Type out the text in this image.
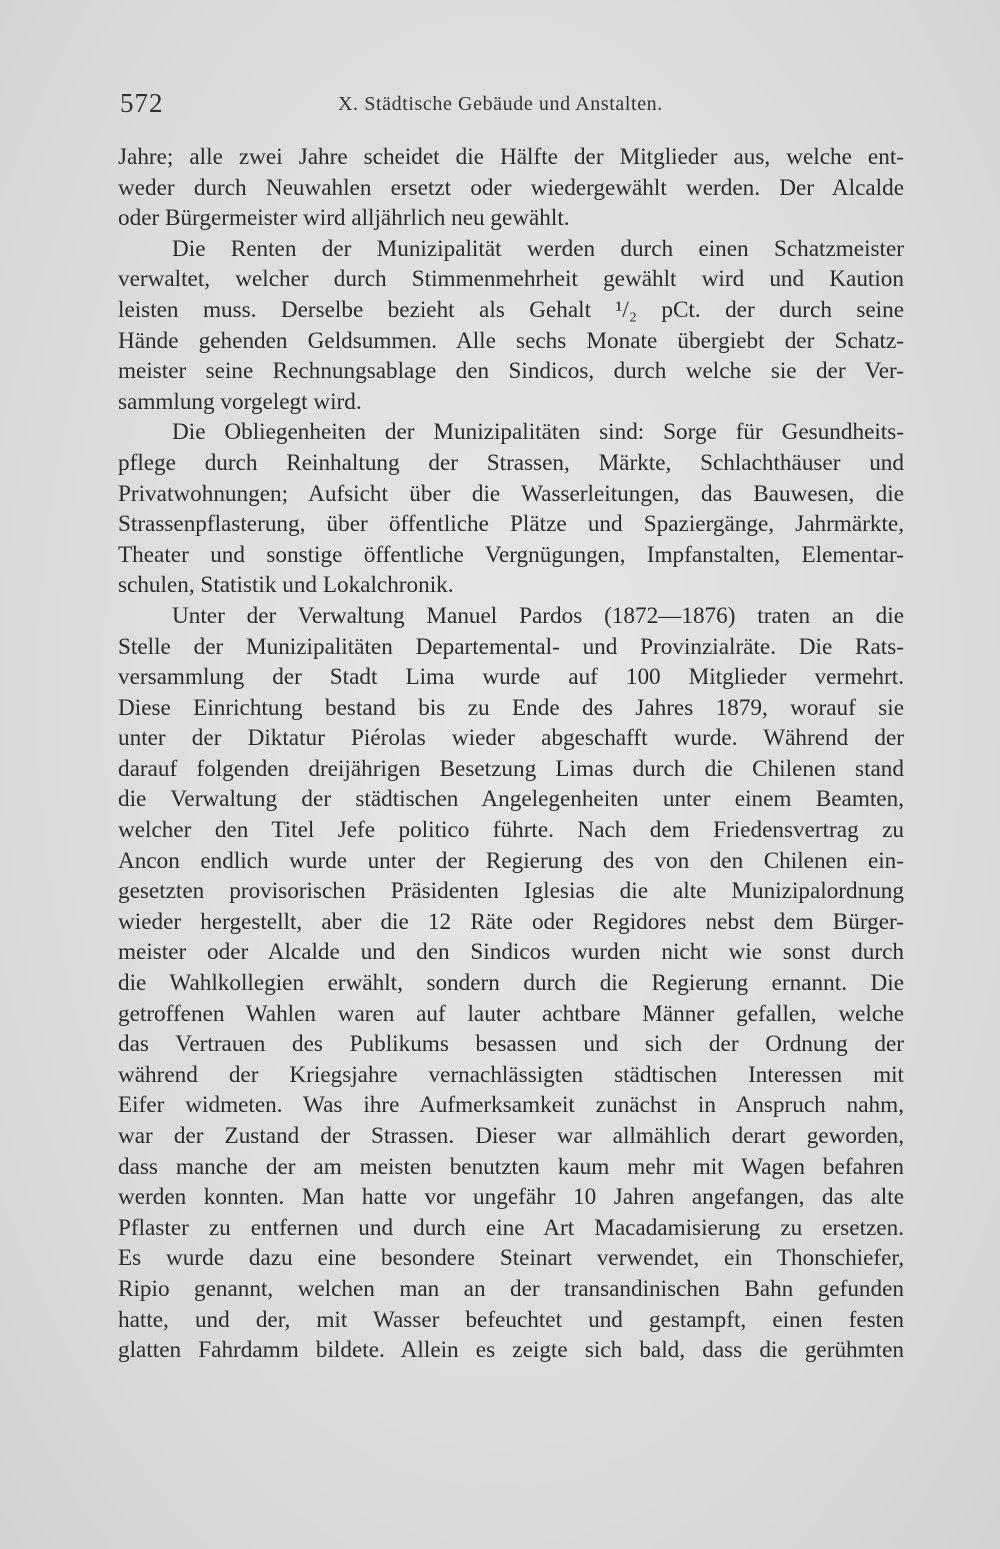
572	X. Städtische Gebäude und Anstalten.
Jahre; alle zwei Jahre scheidet die Hälfte der Mitglieder aus, welche ent-
weder durch Neuwahlen ersetzt oder wiedergewählt werden. Der Alcalde
oder Bürgermeister wird alljährlich neu gewählt.
Die Renten der Munizipalität werden durch einen Schatzmeister
verwaltet, welcher durch Stimmenmehrheit gewählt wird und Kaution
leisten muss. Derselbe bezieht als Gehalt ¹/₂ pCt. der durch seine
Hände gehenden Geldsummen. Alle sechs Monate übergiebt der Schatz-
meister seine Rechnungsablage den Sindicos, durch welche sie der Ver-
sammlung vorgelegt wird.
Die Obliegenheiten der Munizipalitäten sind: Sorge für Gesundheits-
pflege durch Reinhaltung der Strassen, Märkte, Schlachthäuser und
Privatwohnungen; Aufsicht über die Wasserleitungen, das Bauwesen, die
Strassenpflasterung, über öffentliche Plätze und Spaziergänge, Jahrmärkte,
Theater und sonstige öffentliche Vergnügungen, Impfanstalten, Elementar-
schulen, Statistik und Lokalchronik.
Unter der Verwaltung Manuel Pardos (1872—1876) traten an die
Stelle der Munizipalitäten Departemental- und Provinzialräte. Die Rats-
versammlung der Stadt Lima wurde auf 100 Mitglieder vermehrt.
Diese Einrichtung bestand bis zu Ende des Jahres 1879, worauf sie
unter der Diktatur Piérolas wieder abgeschafft wurde. Während der
darauf folgenden dreijährigen Besetzung Limas durch die Chilenen stand
die Verwaltung der städtischen Angelegenheiten unter einem Beamten,
welcher den Titel Jefe politico führte. Nach dem Friedensvertrag zu
Ancon endlich wurde unter der Regierung des von den Chilenen ein-
gesetzten provisorischen Präsidenten Iglesias die alte Munizipalordnung
wieder hergestellt, aber die 12 Räte oder Regidores nebst dem Bürger-
meister oder Alcalde und den Sindicos wurden nicht wie sonst durch
die Wahlkollegien erwählt, sondern durch die Regierung ernannt. Die
getroffenen Wahlen waren auf lauter achtbare Männer gefallen, welche
das Vertrauen des Publikums besassen und sich der Ordnung der
während der Kriegsjahre vernachlässigten städtischen Interessen mit
Eifer widmeten. Was ihre Aufmerksamkeit zunächst in Anspruch nahm,
war der Zustand der Strassen. Dieser war allmählich derart geworden,
dass manche der am meisten benutzten kaum mehr mit Wagen befahren
werden konnten. Man hatte vor ungefähr 10 Jahren angefangen, das alte
Pflaster zu entfernen und durch eine Art Macadamisierung zu ersetzen.
Es wurde dazu eine besondere Steinart verwendet, ein Thonschiefer,
Ripio genannt, welchen man an der transandinischen Bahn gefunden
hatte, und der, mit Wasser befeuchtet und gestampft, einen festen
glatten Fahrdamm bildete. Allein es zeigte sich bald, dass die gerühmten
